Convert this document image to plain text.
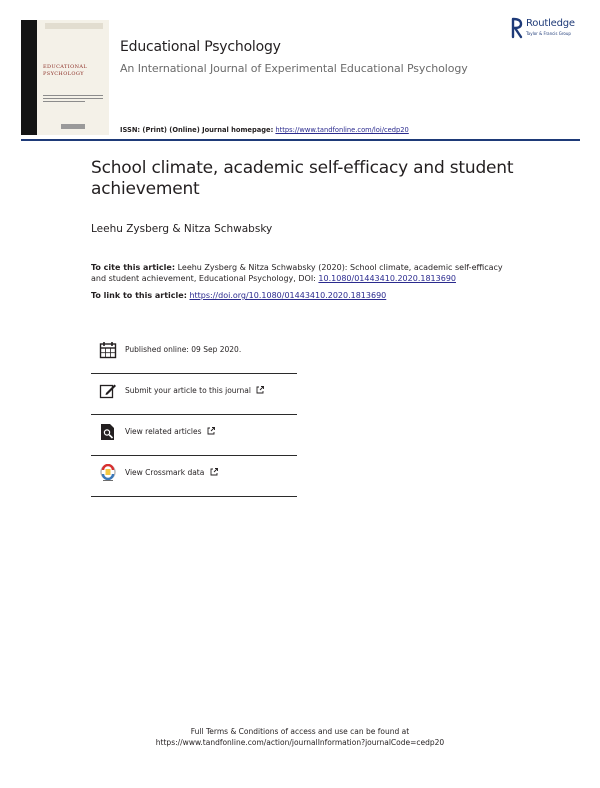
EDUCATIONAL
PSYCHOLOGY
Educational Psychology
An International Journal of Experimental Educational Psychology
ISSN: (Print) (Online) Journal homepage: https://www.tandfonline.com/loi/cedp20
Routledge
Taylor & Francis Group
School climate, academic self-efficacy and student achievement
Leehu Zysberg & Nitza Schwabsky
To cite this article: Leehu Zysberg & Nitza Schwabsky (2020): School climate, academic self-efficacy and student achievement, Educational Psychology, DOI: 10.1080/01443410.2020.1813690
To link to this article: https://doi.org/10.1080/01443410.2020.1813690
Published online: 09 Sep 2020.
Submit your article to this journal
View related articles
View Crossmark data
Full Terms & Conditions of access and use can be found at
https://www.tandfonline.com/action/journalInformation?journalCode=cedp20
